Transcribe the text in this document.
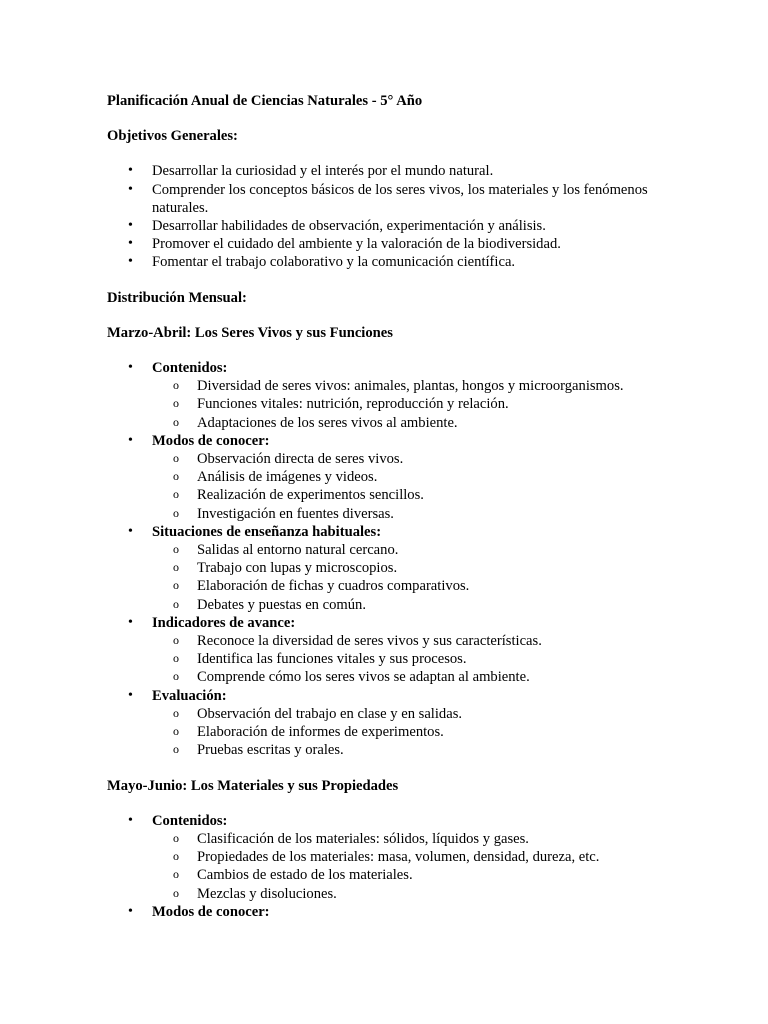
Planificación Anual de Ciencias Naturales - 5° Año

Objetivos Generales:

• Desarrollar la curiosidad y el interés por el mundo natural.
• Comprender los conceptos básicos de los seres vivos, los materiales y los fenómenos naturales.
• Desarrollar habilidades de observación, experimentación y análisis.
• Promover el cuidado del ambiente y la valoración de la biodiversidad.
• Fomentar el trabajo colaborativo y la comunicación científica.

Distribución Mensual:

Marzo-Abril: Los Seres Vivos y sus Funciones

• Contenidos:
o Diversidad de seres vivos: animales, plantas, hongos y microorganismos.
o Funciones vitales: nutrición, reproducción y relación.
o Adaptaciones de los seres vivos al ambiente.
• Modos de conocer:
o Observación directa de seres vivos.
o Análisis de imágenes y videos.
o Realización de experimentos sencillos.
o Investigación en fuentes diversas.
• Situaciones de enseñanza habituales:
o Salidas al entorno natural cercano.
o Trabajo con lupas y microscopios.
o Elaboración de fichas y cuadros comparativos.
o Debates y puestas en común.
• Indicadores de avance:
o Reconoce la diversidad de seres vivos y sus características.
o Identifica las funciones vitales y sus procesos.
o Comprende cómo los seres vivos se adaptan al ambiente.
• Evaluación:
o Observación del trabajo en clase y en salidas.
o Elaboración de informes de experimentos.
o Pruebas escritas y orales.

Mayo-Junio: Los Materiales y sus Propiedades

• Contenidos:
o Clasificación de los materiales: sólidos, líquidos y gases.
o Propiedades de los materiales: masa, volumen, densidad, dureza, etc.
o Cambios de estado de los materiales.
o Mezclas y disoluciones.
• Modos de conocer:
